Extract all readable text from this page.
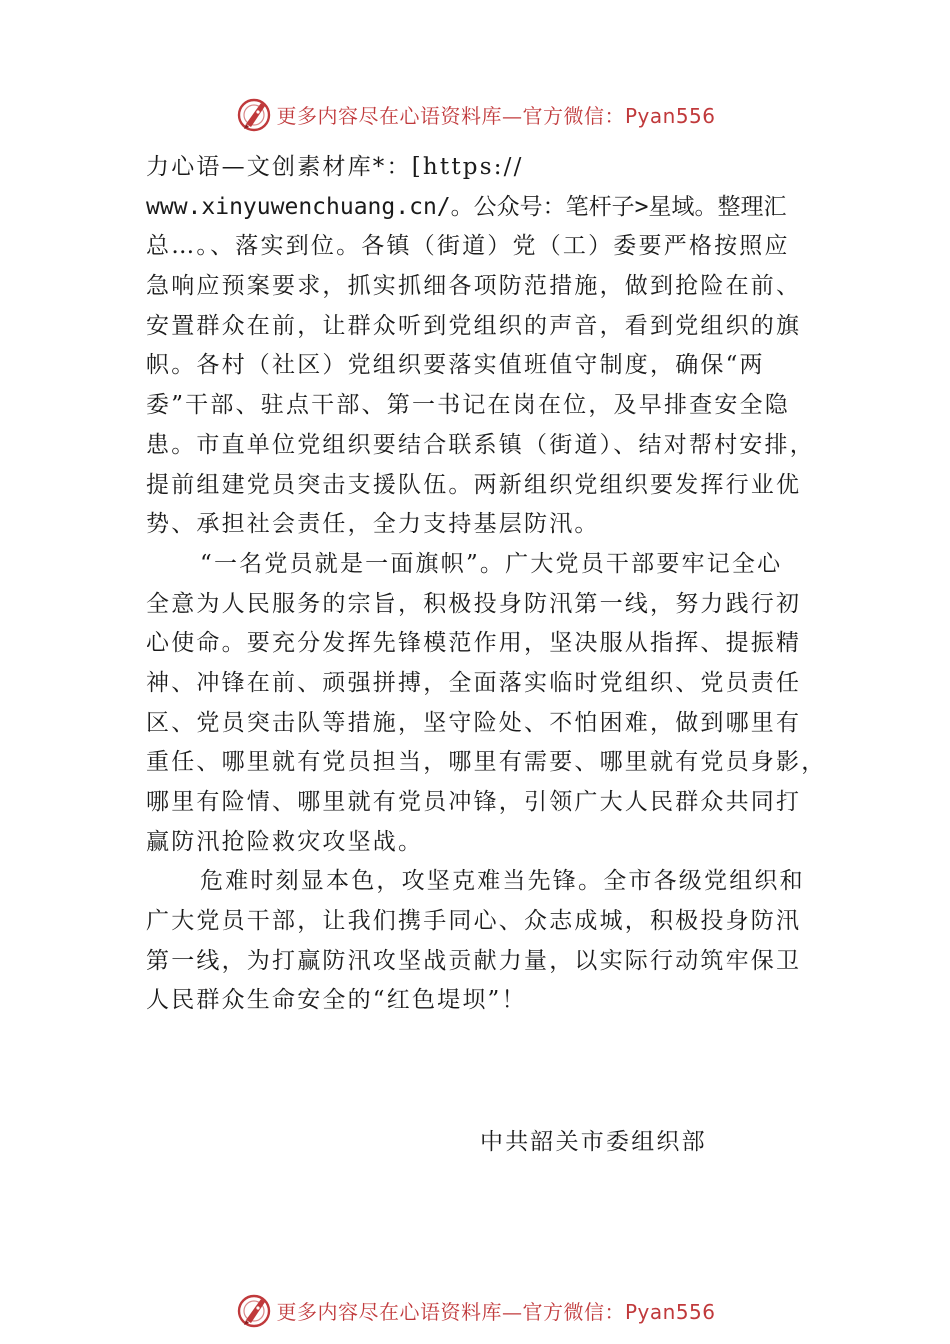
更多内容尽在心语资料库—官方微信：Pyan556
力心语—文创素材库*：[https://
www.xinyuwenchuang.cn/。公众号：笔杆子>星域。整理汇
总…。、落实到位。各镇（街道）党（工）委要严格按照应
急响应预案要求，抓实抓细各项防范措施，做到抢险在前、
安置群众在前，让群众听到党组织的声音，看到党组织的旗
帜。各村（社区）党组织要落实值班值守制度，确保“两
委”干部、驻点干部、第一书记在岗在位，及早排查安全隐
患。市直单位党组织要结合联系镇（街道）、结对帮村安排，
提前组建党员突击支援队伍。两新组织党组织要发挥行业优
势、承担社会责任，全力支持基层防汛。
“一名党员就是一面旗帜”。广大党员干部要牢记全心
全意为人民服务的宗旨，积极投身防汛第一线，努力践行初
心使命。要充分发挥先锋模范作用，坚决服从指挥、提振精
神、冲锋在前、顽强拼搏，全面落实临时党组织、党员责任
区、党员突击队等措施，坚守险处、不怕困难，做到哪里有
重任、哪里就有党员担当，哪里有需要、哪里就有党员身影，
哪里有险情、哪里就有党员冲锋，引领广大人民群众共同打
赢防汛抢险救灾攻坚战。
危难时刻显本色，攻坚克难当先锋。全市各级党组织和
广大党员干部，让我们携手同心、众志成城，积极投身防汛
第一线，为打赢防汛攻坚战贡献力量，以实际行动筑牢保卫
人民群众生命安全的“红色堤坝”！
中共韶关市委组织部
更多内容尽在心语资料库—官方微信：Pyan556
